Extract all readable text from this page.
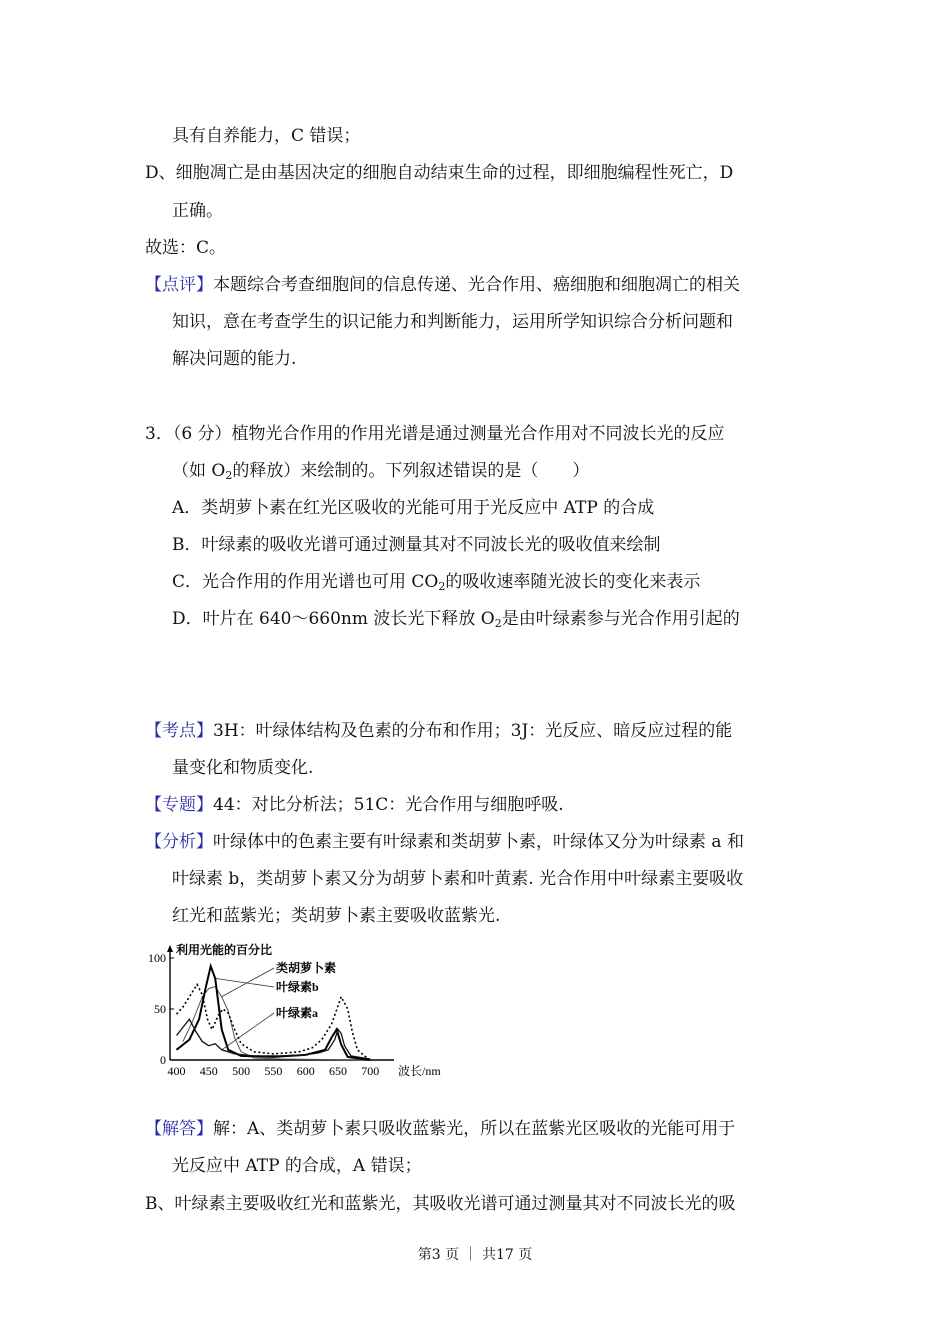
具有自养能力，C 错误；
D、细胞凋亡是由基因决定的细胞自动结束生命的过程，即细胞编程性死亡，D
正确。
故选：C。
【点评】本题综合考查细胞间的信息传递、光合作用、癌细胞和细胞凋亡的相关
知识，意在考查学生的识记能力和判断能力，运用所学知识综合分析问题和
解决问题的能力.
3．（6 分）植物光合作用的作用光谱是通过测量光合作用对不同波长光的反应
（如 $O_2$的释放）来绘制的。下列叙述错误的是（　　）
A．类胡萝卜素在红光区吸收的光能可用于光反应中 ATP 的合成
B．叶绿素的吸收光谱可通过测量其对不同波长光的吸收值来绘制
C．光合作用的作用光谱也可用 $CO_2$的吸收速率随光波长的变化来表示
D．叶片在 640～660nm 波长光下释放 $O_2$是由叶绿素参与光合作用引起的
【考点】3H：叶绿体结构及色素的分布和作用；3J：光反应、暗反应过程的能
量变化和物质变化.
【专题】44：对比分析法；51C：光合作用与细胞呼吸.
【分析】叶绿体中的色素主要有叶绿素和类胡萝卜素，叶绿体又分为叶绿素 a 和
叶绿素 b，类胡萝卜素又分为胡萝卜素和叶黄素. 光合作用中叶绿素主要吸收
红光和蓝紫光；类胡萝卜素主要吸收蓝紫光.
利用光能的百分比
0
50
100
400 450 500 550 600 650 700 波长/nm
类胡萝卜素
叶绿素b
叶绿素a
【解答】解：A、类胡萝卜素只吸收蓝紫光，所以在蓝紫光区吸收的光能可用于
光反应中 ATP 的合成，A 错误；
B、叶绿素主要吸收红光和蓝紫光，其吸收光谱可通过测量其对不同波长光的吸
第3 页 ｜ 共17 页
